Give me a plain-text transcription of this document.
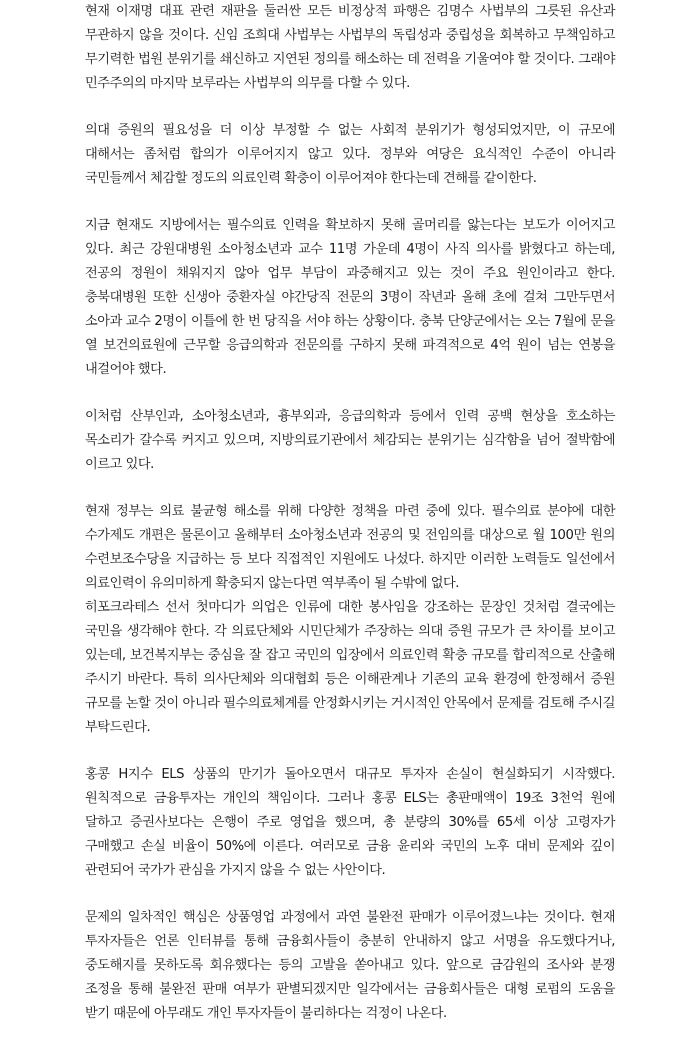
현재 이재명 대표 관련 재판을 둘러싼 모든 비정상적 파행은 김명수 사법부의 그릇된 유산과 무관하지 않을 것이다. 신임 조희대 사법부는 사법부의 독립성과 중립성을 회복하고 무책임하고 무기력한 법원 분위기를 쇄신하고 지연된 정의를 해소하는 데 전력을 기울여야 할 것이다. 그래야 민주주의의 마지막 보루라는 사법부의 의무를 다할 수 있다.

의대 증원의 필요성을 더 이상 부정할 수 없는 사회적 분위기가 형성되었지만, 이 규모에 대해서는 좀처럼 합의가 이루어지지 않고 있다. 정부와 여당은 요식적인 수준이 아니라 국민들께서 체감할 정도의 의료인력 확충이 이루어져야 한다는데 견해를 같이한다.

지금 현재도 지방에서는 필수의료 인력을 확보하지 못해 골머리를 앓는다는 보도가 이어지고 있다. 최근 강원대병원 소아청소년과 교수 11명 가운데 4명이 사직 의사를 밝혔다고 하는데, 전공의 정원이 채워지지 않아 업무 부담이 과중해지고 있는 것이 주요 원인이라고 한다. 충북대병원 또한 신생아 중환자실 야간당직 전문의 3명이 작년과 올해 초에 걸쳐 그만두면서 소아과 교수 2명이 이틀에 한 번 당직을 서야 하는 상황이다. 충북 단양군에서는 오는 7월에 문을 열 보건의료원에 근무할 응급의학과 전문의를 구하지 못해 파격적으로 4억 원이 넘는 연봉을 내걸어야 했다.

이처럼 산부인과, 소아청소년과, 흉부외과, 응급의학과 등에서 인력 공백 현상을 호소하는 목소리가 갈수록 커지고 있으며, 지방의료기관에서 체감되는 분위기는 심각함을 넘어 절박함에 이르고 있다.

현재 정부는 의료 불균형 해소를 위해 다양한 정책을 마련 중에 있다. 필수의료 분야에 대한 수가제도 개편은 물론이고 올해부터 소아청소년과 전공의 및 전임의를 대상으로 월 100만 원의 수련보조수당을 지급하는 등 보다 직접적인 지원에도 나섰다. 하지만 이러한 노력들도 일선에서 의료인력이 유의미하게 확충되지 않는다면 역부족이 될 수밖에 없다.

히포크라테스 선서 첫마디가 의업은 인류에 대한 봉사임을 강조하는 문장인 것처럼 결국에는 국민을 생각해야 한다. 각 의료단체와 시민단체가 주장하는 의대 증원 규모가 큰 차이를 보이고 있는데, 보건복지부는 중심을 잘 잡고 국민의 입장에서 의료인력 확충 규모를 합리적으로 산출해 주시기 바란다. 특히 의사단체와 의대협회 등은 이해관계나 기존의 교육 환경에 한정해서 증원 규모를 논할 것이 아니라 필수의료체계를 안정화시키는 거시적인 안목에서 문제를 검토해 주시길 부탁드린다.

홍콩 H지수 ELS 상품의 만기가 돌아오면서 대규모 투자자 손실이 현실화되기 시작했다. 원칙적으로 금융투자는 개인의 책임이다. 그러나 홍콩 ELS는 총판매액이 19조 3천억 원에 달하고 증권사보다는 은행이 주로 영업을 했으며, 총 분량의 30%를 65세 이상 고령자가 구매했고 손실 비율이 50%에 이른다. 여러모로 금융 윤리와 국민의 노후 대비 문제와 깊이 관련되어 국가가 관심을 가지지 않을 수 없는 사안이다.

문제의 일차적인 핵심은 상품영업 과정에서 과연 불완전 판매가 이루어졌느냐는 것이다. 현재 투자자들은 언론 인터뷰를 통해 금융회사들이 충분히 안내하지 않고 서명을 유도했다거나, 중도해지를 못하도록 회유했다는 등의 고발을 쏟아내고 있다. 앞으로 금감원의 조사와 분쟁 조정을 통해 불완전 판매 여부가 판별되겠지만 일각에서는 금융회사들은 대형 로펌의 도움을 받기 때문에 아무래도 개인 투자자들이 불리하다는 걱정이 나온다.
